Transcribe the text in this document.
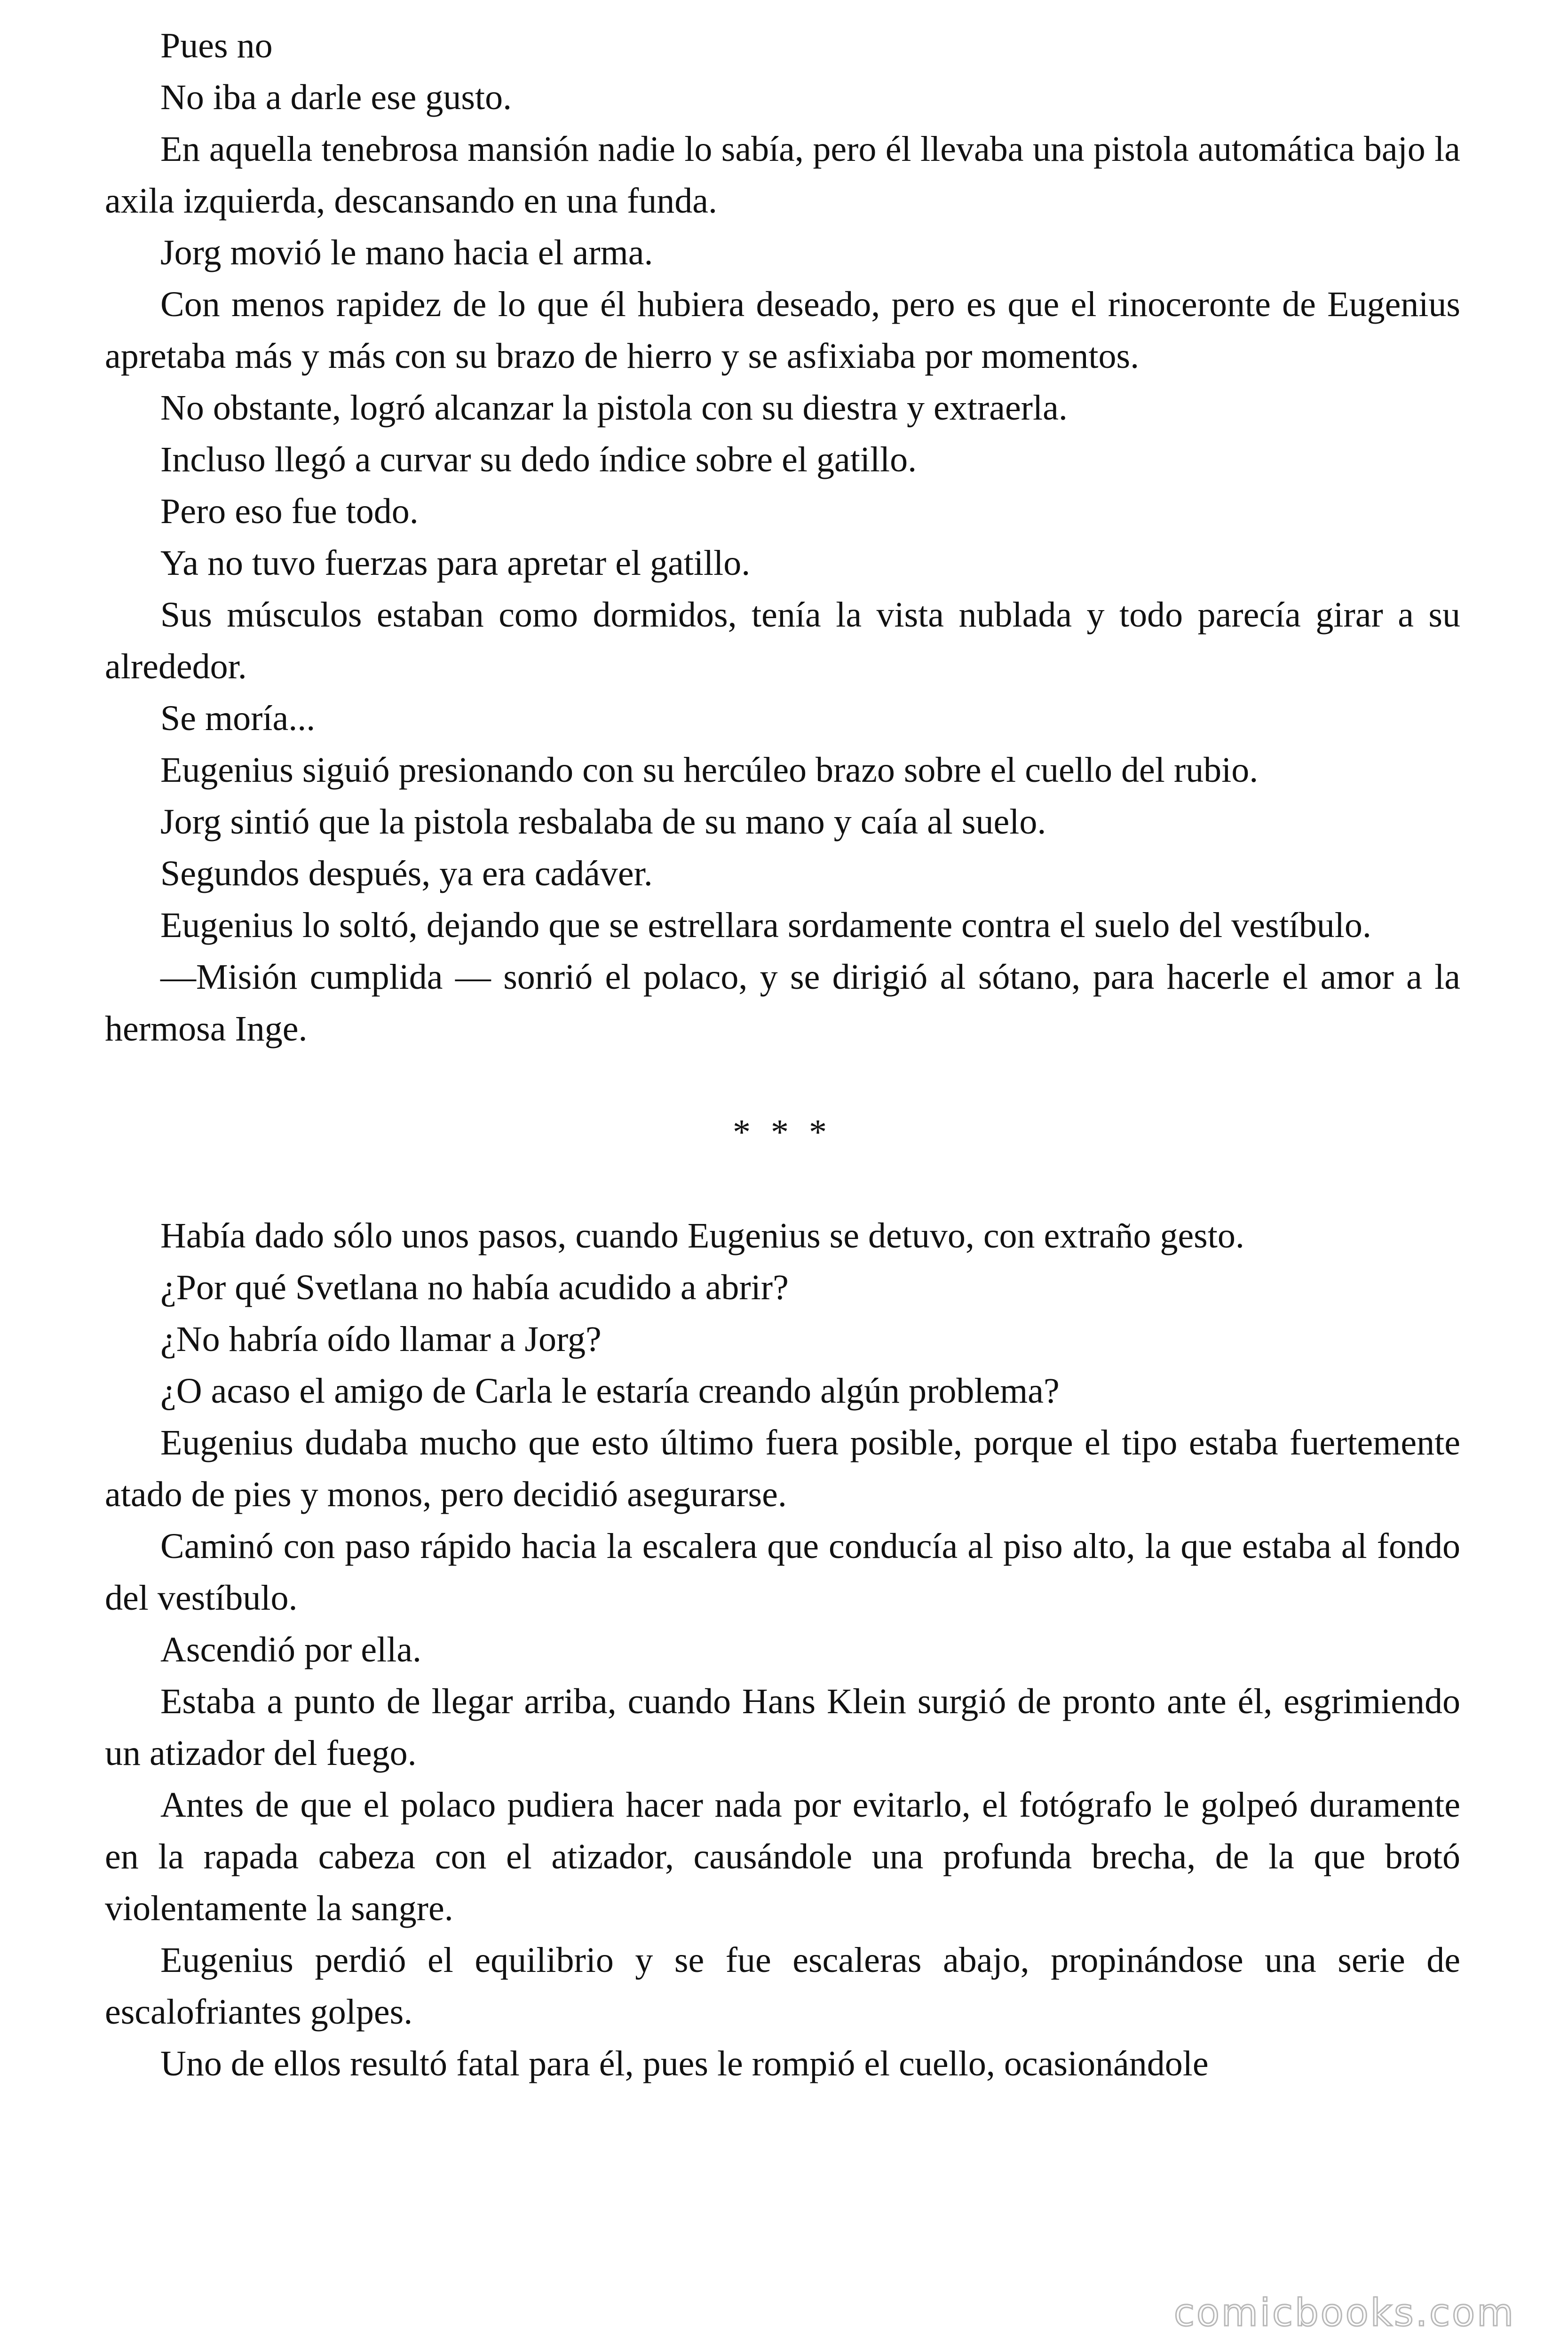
Pues no

No iba a darle ese gusto.

En aquella tenebrosa mansión nadie lo sabía, pero él llevaba una pistola automática bajo la axila izquierda, descansando en una funda.

Jorg movió le mano hacia el arma.

Con menos rapidez de lo que él hubiera deseado, pero es que el rinoceronte de Eugenius apretaba más y más con su brazo de hierro y se asfixiaba por momentos.

No obstante, logró alcanzar la pistola con su diestra y extraerla.

Incluso llegó a curvar su dedo índice sobre el gatillo.

Pero eso fue todo.

Ya no tuvo fuerzas para apretar el gatillo.

Sus músculos estaban como dormidos, tenía la vista nublada y todo parecía girar a su alrededor.

Se moría...

Eugenius siguió presionando con su hercúleo brazo sobre el cuello del rubio.

Jorg sintió que la pistola resbalaba de su mano y caía al suelo.

Segundos después, ya era cadáver.

Eugenius lo soltó, dejando que se estrellara sordamente contra el suelo del vestíbulo.

—Misión cumplida — sonrió el polaco, y se dirigió al sótano, para hacerle el amor a la hermosa Inge.

* * *

Había dado sólo unos pasos, cuando Eugenius se detuvo, con extraño gesto.

¿Por qué Svetlana no había acudido a abrir?

¿No habría oído llamar a Jorg?

¿O acaso el amigo de Carla le estaría creando algún problema?

Eugenius dudaba mucho que esto último fuera posible, porque el tipo estaba fuertemente atado de pies y monos, pero decidió asegurarse.

Caminó con paso rápido hacia la escalera que conducía al piso alto, la que estaba al fondo del vestíbulo.

Ascendió por ella.

Estaba a punto de llegar arriba, cuando Hans Klein surgió de pronto ante él, esgrimiendo un atizador del fuego.

Antes de que el polaco pudiera hacer nada por evitarlo, el fotógrafo le golpeó duramente en la rapada cabeza con el atizador, causándole una profunda brecha, de la que brotó violentamente la sangre.

Eugenius perdió el equilibrio y se fue escaleras abajo, propinándose una serie de escalofriantes golpes.

Uno de ellos resultó fatal para él, pues le rompió el cuello, ocasionándole

comicbooks.com
